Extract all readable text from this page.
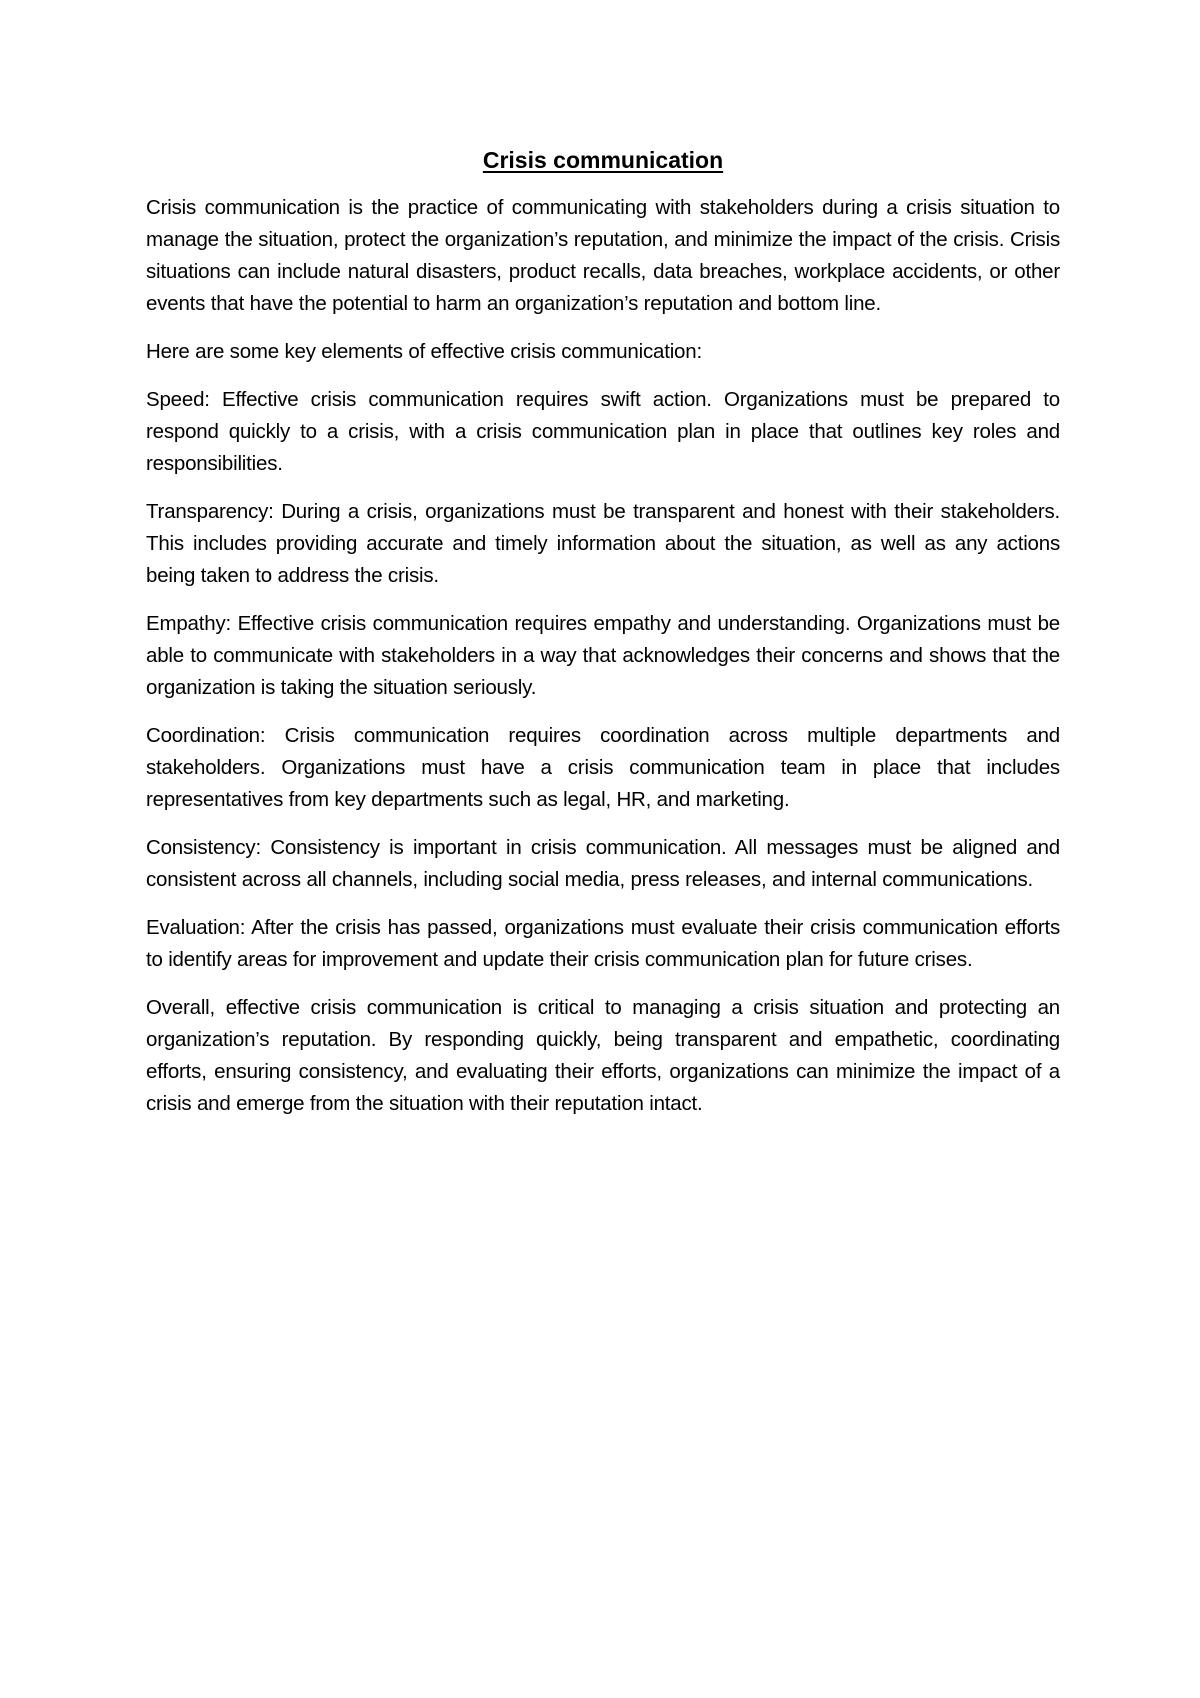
Crisis communication

Crisis communication is the practice of communicating with stakeholders during a crisis situation to manage the situation, protect the organization’s reputation, and minimize the impact of the crisis. Crisis situations can include natural disasters, product recalls, data breaches, workplace accidents, or other events that have the potential to harm an organization’s reputation and bottom line.

Here are some key elements of effective crisis communication:

Speed: Effective crisis communication requires swift action. Organizations must be prepared to respond quickly to a crisis, with a crisis communication plan in place that outlines key roles and responsibilities.

Transparency: During a crisis, organizations must be transparent and honest with their stakeholders. This includes providing accurate and timely information about the situation, as well as any actions being taken to address the crisis.

Empathy: Effective crisis communication requires empathy and understanding. Organizations must be able to communicate with stakeholders in a way that acknowledges their concerns and shows that the organization is taking the situation seriously.

Coordination: Crisis communication requires coordination across multiple departments and stakeholders. Organizations must have a crisis communication team in place that includes representatives from key departments such as legal, HR, and marketing.

Consistency: Consistency is important in crisis communication. All messages must be aligned and consistent across all channels, including social media, press releases, and internal communications.

Evaluation: After the crisis has passed, organizations must evaluate their crisis communication efforts to identify areas for improvement and update their crisis communication plan for future crises.

Overall, effective crisis communication is critical to managing a crisis situation and protecting an organization’s reputation. By responding quickly, being transparent and empathetic, coordinating efforts, ensuring consistency, and evaluating their efforts, organizations can minimize the impact of a crisis and emerge from the situation with their reputation intact.
